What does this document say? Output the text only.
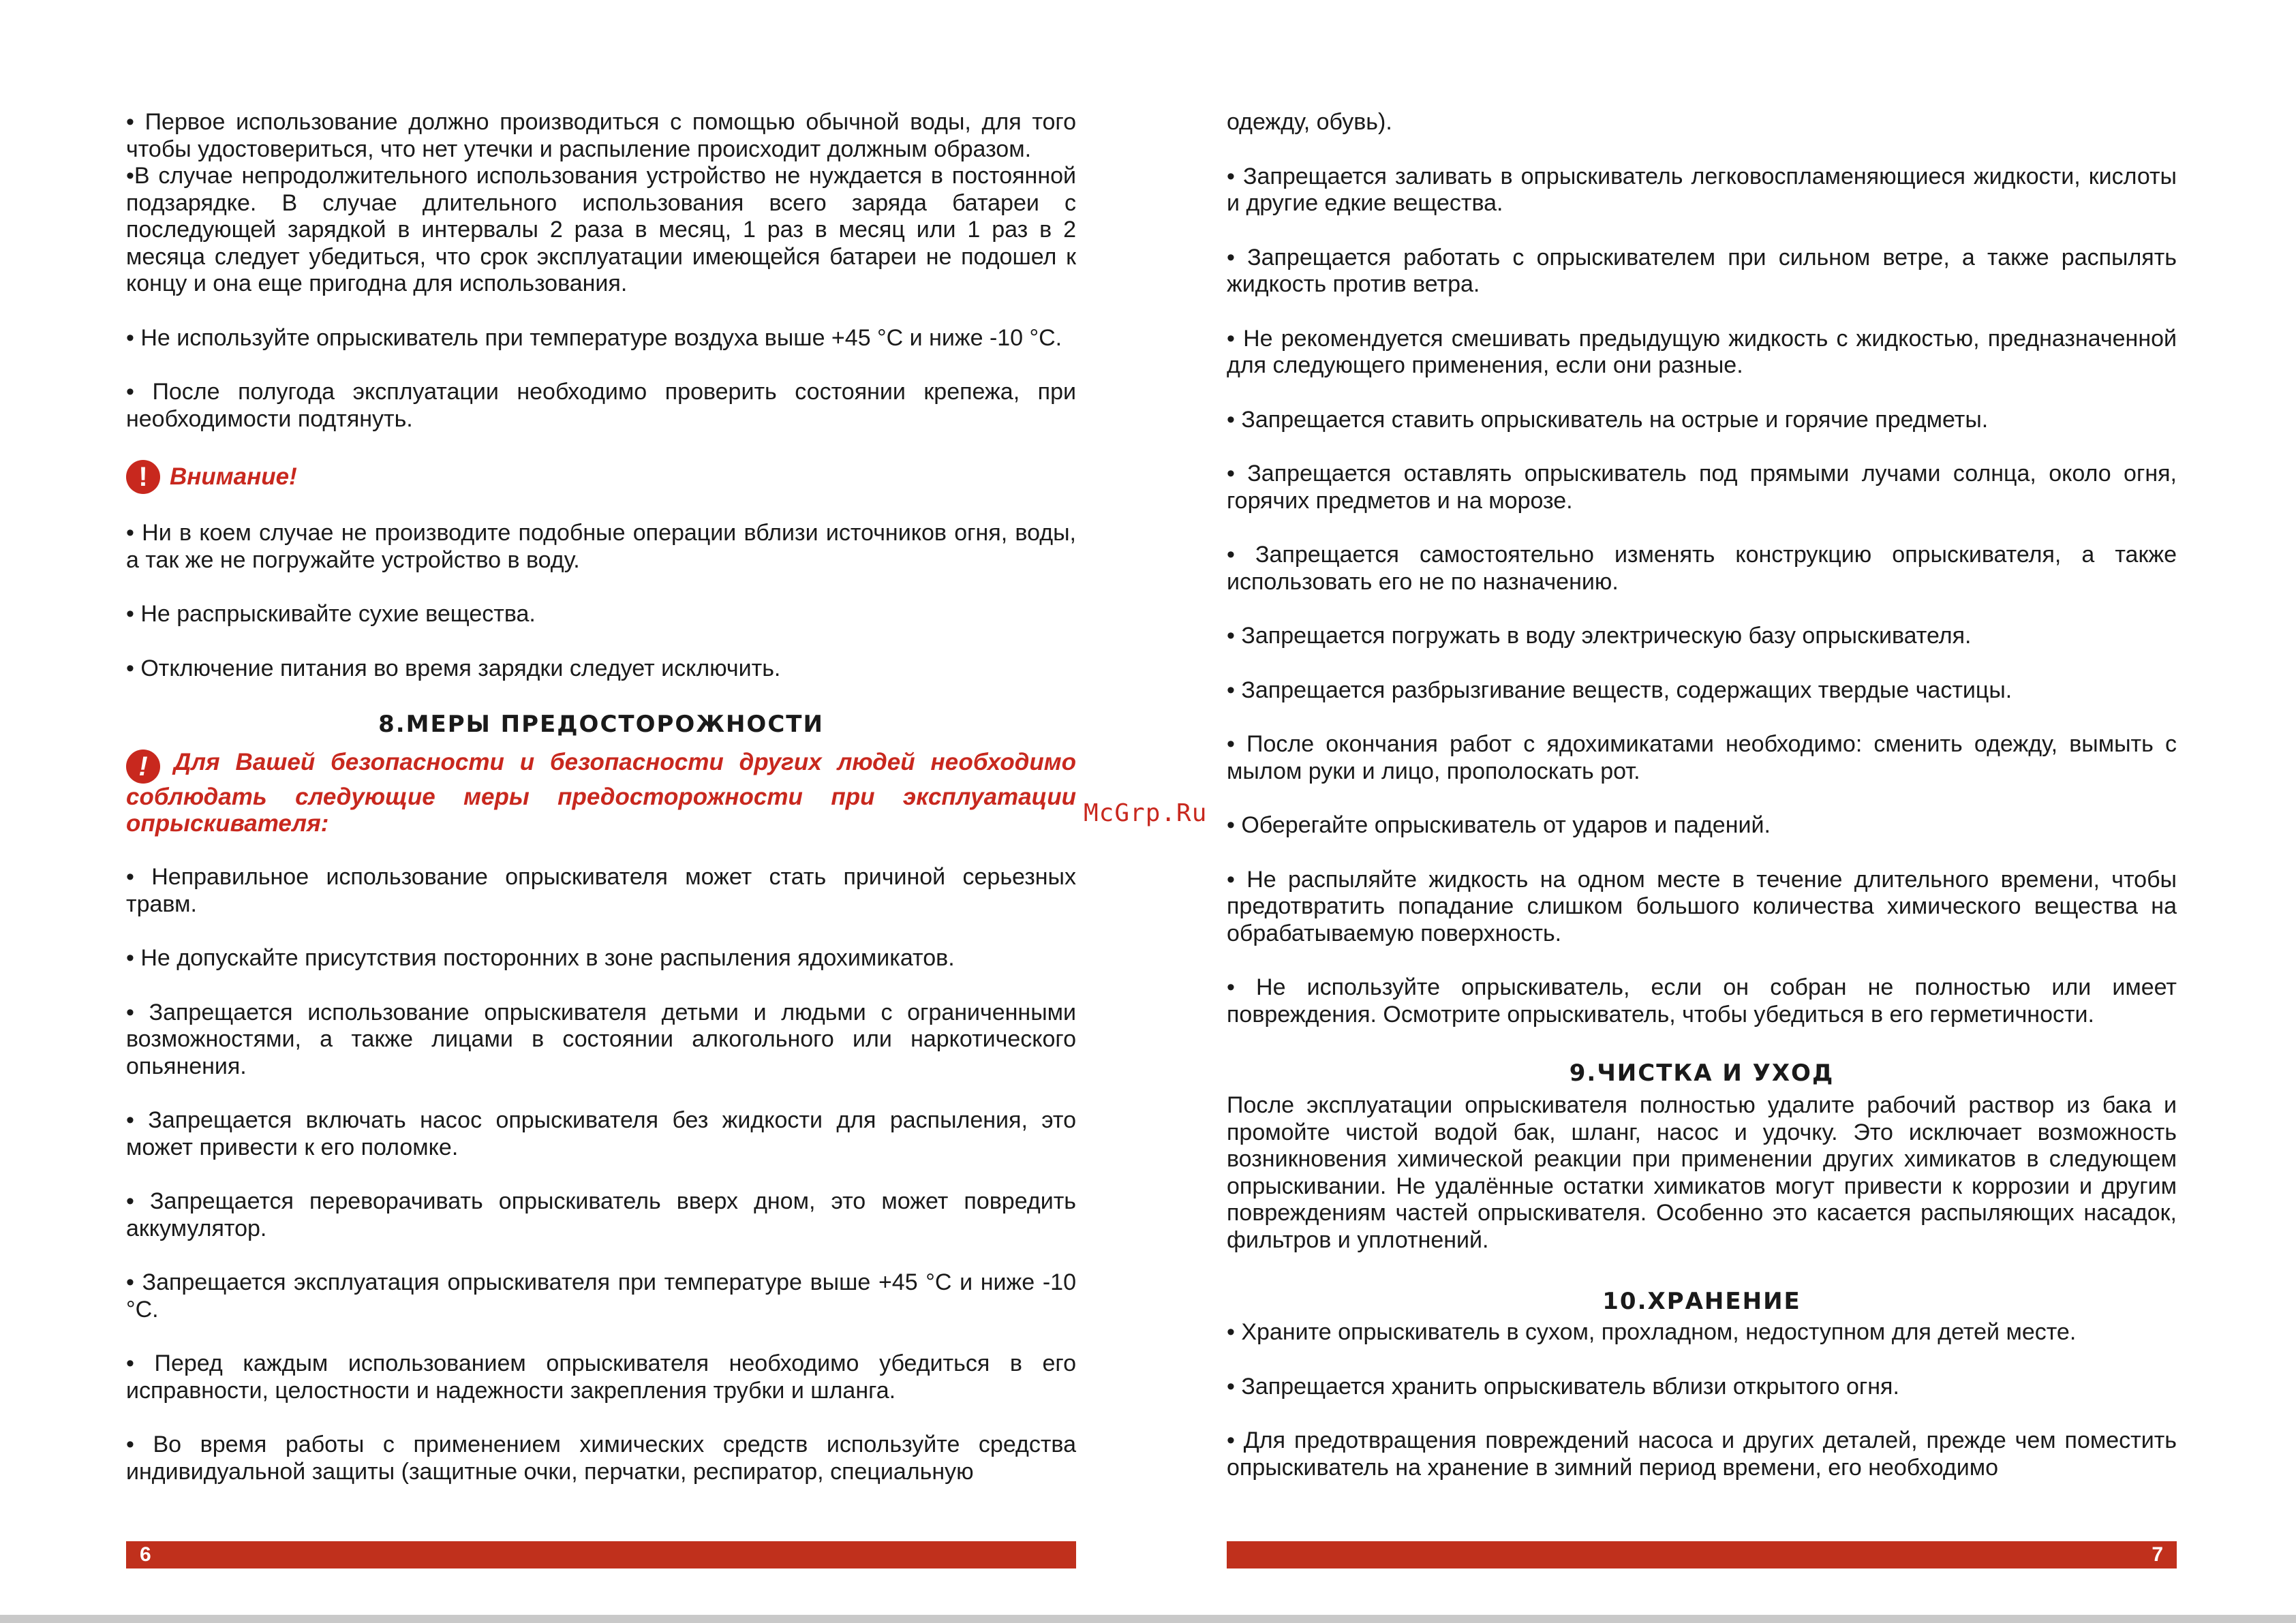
• Первое использование должно производиться с помощью обычной воды, для того чтобы удостовериться, что нет утечки и распыление происходит должным образом.

•В случае непродолжительного использования устройство не нуждается в постоянной подзарядке. В случае длительного использования всего заряда батареи с последующей зарядкой в интервалы 2 раза в месяц, 1 раз в месяц или 1 раз в 2 месяца следует убедиться, что срок эксплуатации имеющейся батареи не подошел к концу и она еще пригодна для использования.

• Не используйте опрыскиватель при температуре воздуха выше +45 °C и ниже -10 °C.

• После полугода эксплуатации необходимо проверить состоянии крепежа, при необходимости подтянуть.

! Внимание!

• Ни в коем случае не производите подобные операции вблизи источников огня, воды, а так же не погружайте устройство в воду.

• Не распрыскивайте сухие вещества.

• Отключение питания во время зарядки следует исключить.

8.МЕРЫ ПРЕДОСТОРОЖНОСТИ
! Для Вашей безопасности и безопасности других людей необходимо соблюдать следующие меры предосторожности при эксплуатации опрыскивателя:

• Неправильное использование опрыскивателя может стать причиной серьезных травм.

• Не допускайте присутствия посторонних в зоне распыления ядохимикатов.

• Запрещается использование опрыскивателя детьми и людьми с ограниченными возможностями, а также лицами в состоянии алкогольного или наркотического опьянения.

• Запрещается включать насос опрыскивателя без жидкости для распыления, это может привести к его поломке.

• Запрещается переворачивать опрыскиватель вверх дном, это может повредить аккумулятор.

• Запрещается эксплуатация опрыскивателя при температуре выше +45 °C и ниже -10 °C.

• Перед каждым использованием опрыскивателя необходимо убедиться в его исправности, целостности и надежности закрепления трубки и шланга.

• Во время работы с применением химических средств используйте средства индивидуальной защиты (защитные очки, перчатки, респиратор, специальную

6
McGrp.Ru

одежду, обувь).

• Запрещается заливать в опрыскиватель легковоспламеняющиеся жидкости, кислоты и другие едкие вещества.

• Запрещается работать с опрыскивателем при сильном ветре, а также распылять жидкость против ветра.

• Не рекомендуется смешивать предыдущую жидкость с жидкостью, предназначенной для следующего применения, если они разные.

• Запрещается ставить опрыскиватель на острые и горячие предметы.

• Запрещается оставлять опрыскиватель под прямыми лучами солнца, около огня, горячих предметов и на морозе.

• Запрещается самостоятельно изменять конструкцию опрыскивателя, а также использовать его не по назначению.

• Запрещается погружать в воду электрическую базу опрыскивателя.

• Запрещается разбрызгивание веществ, содержащих твердые частицы.

• После окончания работ с ядохимикатами необходимо: сменить одежду, вымыть с мылом руки и лицо, прополоскать рот.

• Оберегайте опрыскиватель от ударов и падений.

• Не распыляйте жидкость на одном месте в течение длительного времени, чтобы предотвратить попадание слишком большого количества химического вещества на обрабатываемую поверхность.

• Не используйте опрыскиватель, если он собран не полностью или имеет повреждения. Осмотрите опрыскиватель, чтобы убедиться в его герметичности.

9.ЧИСТКА И УХОД

После эксплуатации опрыскивателя полностью удалите рабочий раствор из бака и промойте чистой водой бак, шланг, насос и удочку. Это исключает возможность возникновения химической реакции при применении других химикатов в следующем опрыскивании. Не удалённые остатки химикатов могут привести к коррозии и другим повреждениям частей опрыскивателя. Особенно это касается распыляющих насадок, фильтров и уплотнений.

10.ХРАНЕНИЕ

• Храните опрыскиватель в сухом, прохладном, недоступном для детей месте.

• Запрещается хранить опрыскиватель вблизи открытого огня.

• Для предотвращения повреждений насоса и других деталей, прежде чем поместить опрыскиватель на хранение в зимний период времени, его необходимо

7
